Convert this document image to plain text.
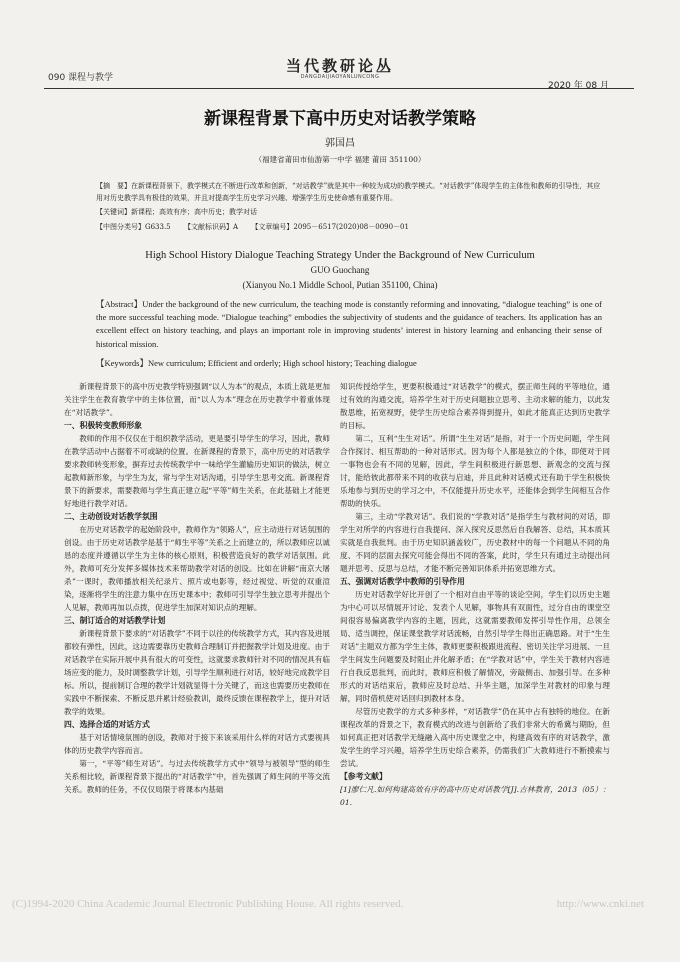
090 课程与教学
当代教研论丛
DANGDAIJIAOYANLUNCONG
2020 年 08 月
新课程背景下高中历史对话教学策略
郭国昌
（福建省莆田市仙游第一中学 福建 莆田 351100）
【摘　要】在新课程背景下，教学模式在不断进行改革和创新，“对话教学”就是其中一种较为成功的教学模式。“对话教学”体现学生的主体性和教师的引导性，其应用对历史教学具有极佳的效果，并且对提高学生历史学习兴趣、增强学生历史使命感有重要作用。
【关键词】新课程；高效有序；高中历史；教学对话
【中图分类号】G633.5 【文献标识码】A 【文章编号】2095－6517(2020)08－0090－01
High School History Dialogue Teaching Strategy Under the Background of New Curriculum
GUO Guochang
(Xianyou No.1 Middle School, Putian 351100, China)
【Abstract】Under the background of the new curriculum, the teaching mode is constantly reforming and innovating, “dialogue teaching” is one of the more successful teaching mode. “Dialogue teaching” embodies the subjectivity of students and the guidance of teachers. Its application has an excellent effect on history teaching, and plays an important role in improving students’ interest in history learning and enhancing their sense of historical mission.
【Keywords】New curriculum; Efficient and orderly; High school history; Teaching dialogue

新课程背景下的高中历史教学特别强调“以人为本”的观点，本质上就是更加关注学生在教育教学中的主体位置，而“以人为本”理念在历史教学中着重体现在“对话教学”。

一、积极转变教师形象

教师的作用不仅仅在于组织教学活动，更是要引导学生的学习，因此，教师在教学活动中占据着不可或缺的位置。在新课程的背景下，高中历史的对话教学要求教师转变形象，摒弃过去传统教学中一味给学生灌输历史知识的做法，树立起教师新形象，与学生为友，常与学生对话沟通，引导学生思考交流。新课程背景下的新要求，需要教师与学生真正建立起“平等”师生关系，在此基础上才能更好地进行教学对话。

二、主动创设对话教学氛围

在历史对话教学的起始阶段中，教师作为“领路人”，应主动进行对话氛围的创设。由于历史对话教学是基于“师生平等”关系之上而建立的，所以教师应以诚恳的态度并遵循以学生为主体的核心原则，积极营造良好的教学对话氛围。此外，教师可充分发挥多媒体技术来帮助教学对话的创设。比如在讲解“南京大屠杀”一课时，教师播放相关纪录片、照片或电影等，经过视觉、听觉的双重渲染，逐渐将学生的注意力集中在历史课本中；教师可引导学生独立思考并提出个人见解，教师再加以点拨，促进学生加深对知识点的理解。

三、制订适合的对话教学计划

新课程背景下要求的“对话教学”不同于以往的传统教学方式，其内容及进展都较有弹性，因此，这边需要靠历史教师合理制订并把握教学计划及进度。由于对话教学在实际开展中具有很大的可变性，这就要求教师针对不同的情况具有临场应变的能力，及时调整教学计划，引导学生顺利进行对话，较好地完成教学目标。所以，提前制订合理的教学计划就显得十分关键了，而这也需要历史教师在实践中不断探索、不断反思并累计经验教训，最终反馈在课程教学上，提升对话教学的效果。

四、选择合适的对话方式

基于对话情境氛围的创设，教师对于接下来该采用什么样的对话方式要视具体的历史教学内容而言。

第一，“平等”师生对话”。与过去传统教学方式中“领导与被领导”型的师生关系相比较，新课程背景下提出的“对话教学”中，首先强调了师生间的平等交流关系。教师的任务，不仅仅局限于将课本内基础

知识传授给学生，更要积极通过“对话教学”的模式，摆正师生间的平等地位，通过有效的沟通交流，培养学生对于历史问题独立思考、主动求解的能力，以此发散思维，拓宽视野，使学生历史综合素养得到提升，如此才能真正达到历史教学的目标。

第二，互利“生生对话”。所谓“生生对话”是指，对于一个历史问题，学生间合作探讨、相互帮助的一种对话形式。因为每个人都是独立的个体，即使对于同一事物也会有不同的见解，因此，学生间积极进行新思想、新观念的交流与探讨，能给彼此都带来不同的收获与启迪，并且此种对话模式还有助于学生积极快乐地参与到历史的学习之中，不仅能提升历史水平，还能体会到学生间相互合作帮助的快乐。

第三，主动“学教对话”。我们说的“学教对话”是指学生与教材间的对话，即学生对所学的内容进行自我提问、深入探究反思然后自我解答、总结，其本质其实就是自我批判。由于历史知识涵盖较广，历史教材中的每一个问题从不同的角度、不同的层面去探究可能会得出不同的答案，此时，学生只有通过主动提出问题并思考、反思与总结，才能不断完善知识体系并拓宽思维方式。

五、强调对话教学中教师的引导作用

历史对话教学好比开创了一个相对自由平等的谈论空间，学生们以历史主题为中心可以尽情展开讨论、发表个人见解，事物具有双面性，过分自由的课堂空间很容易偏离教学内容的主题，因此，这就需要教师发挥引导性作用，总领全局、适当调控，保证课堂教学对话流畅，自然引导学生得出正确思路。对于“生生对话”主题双方都为学生主体，教师更要积极跟进流程、密切关注学习进展、一旦学生间发生问题要及时阻止并化解矛盾；在“学教对话”中，学生关于教材内容进行自我反思批判，而此时，教师应积极了解情况，旁敲侧击、加强引导。在多种形式的对话结束后，教师应及时总结、升华主题，加深学生对教材的印象与理解，同时借机使对话回归到教材本身。

尽管历史教学的方式多种多样，“对话教学”仍在其中占有独特的地位。在新课程改革的背景之下，教育模式的改进与创新给了我们非常大的希冀与期盼，但如何真正把对话教学无缝融入高中历史课堂之中，构建高效有序的对话教学，激发学生的学习兴趣，培养学生历史综合素养，仍需我们广大教师进行不断摸索与尝试。

【参考文献】

[1]廖仁凡.如何构建高效有序的高中历史对话教学[J].吉林教育，2013（05）：01.

(C)1994-2020 China Academic Journal Electronic Publishing House. All rights reserved.	http://www.cnki.net
